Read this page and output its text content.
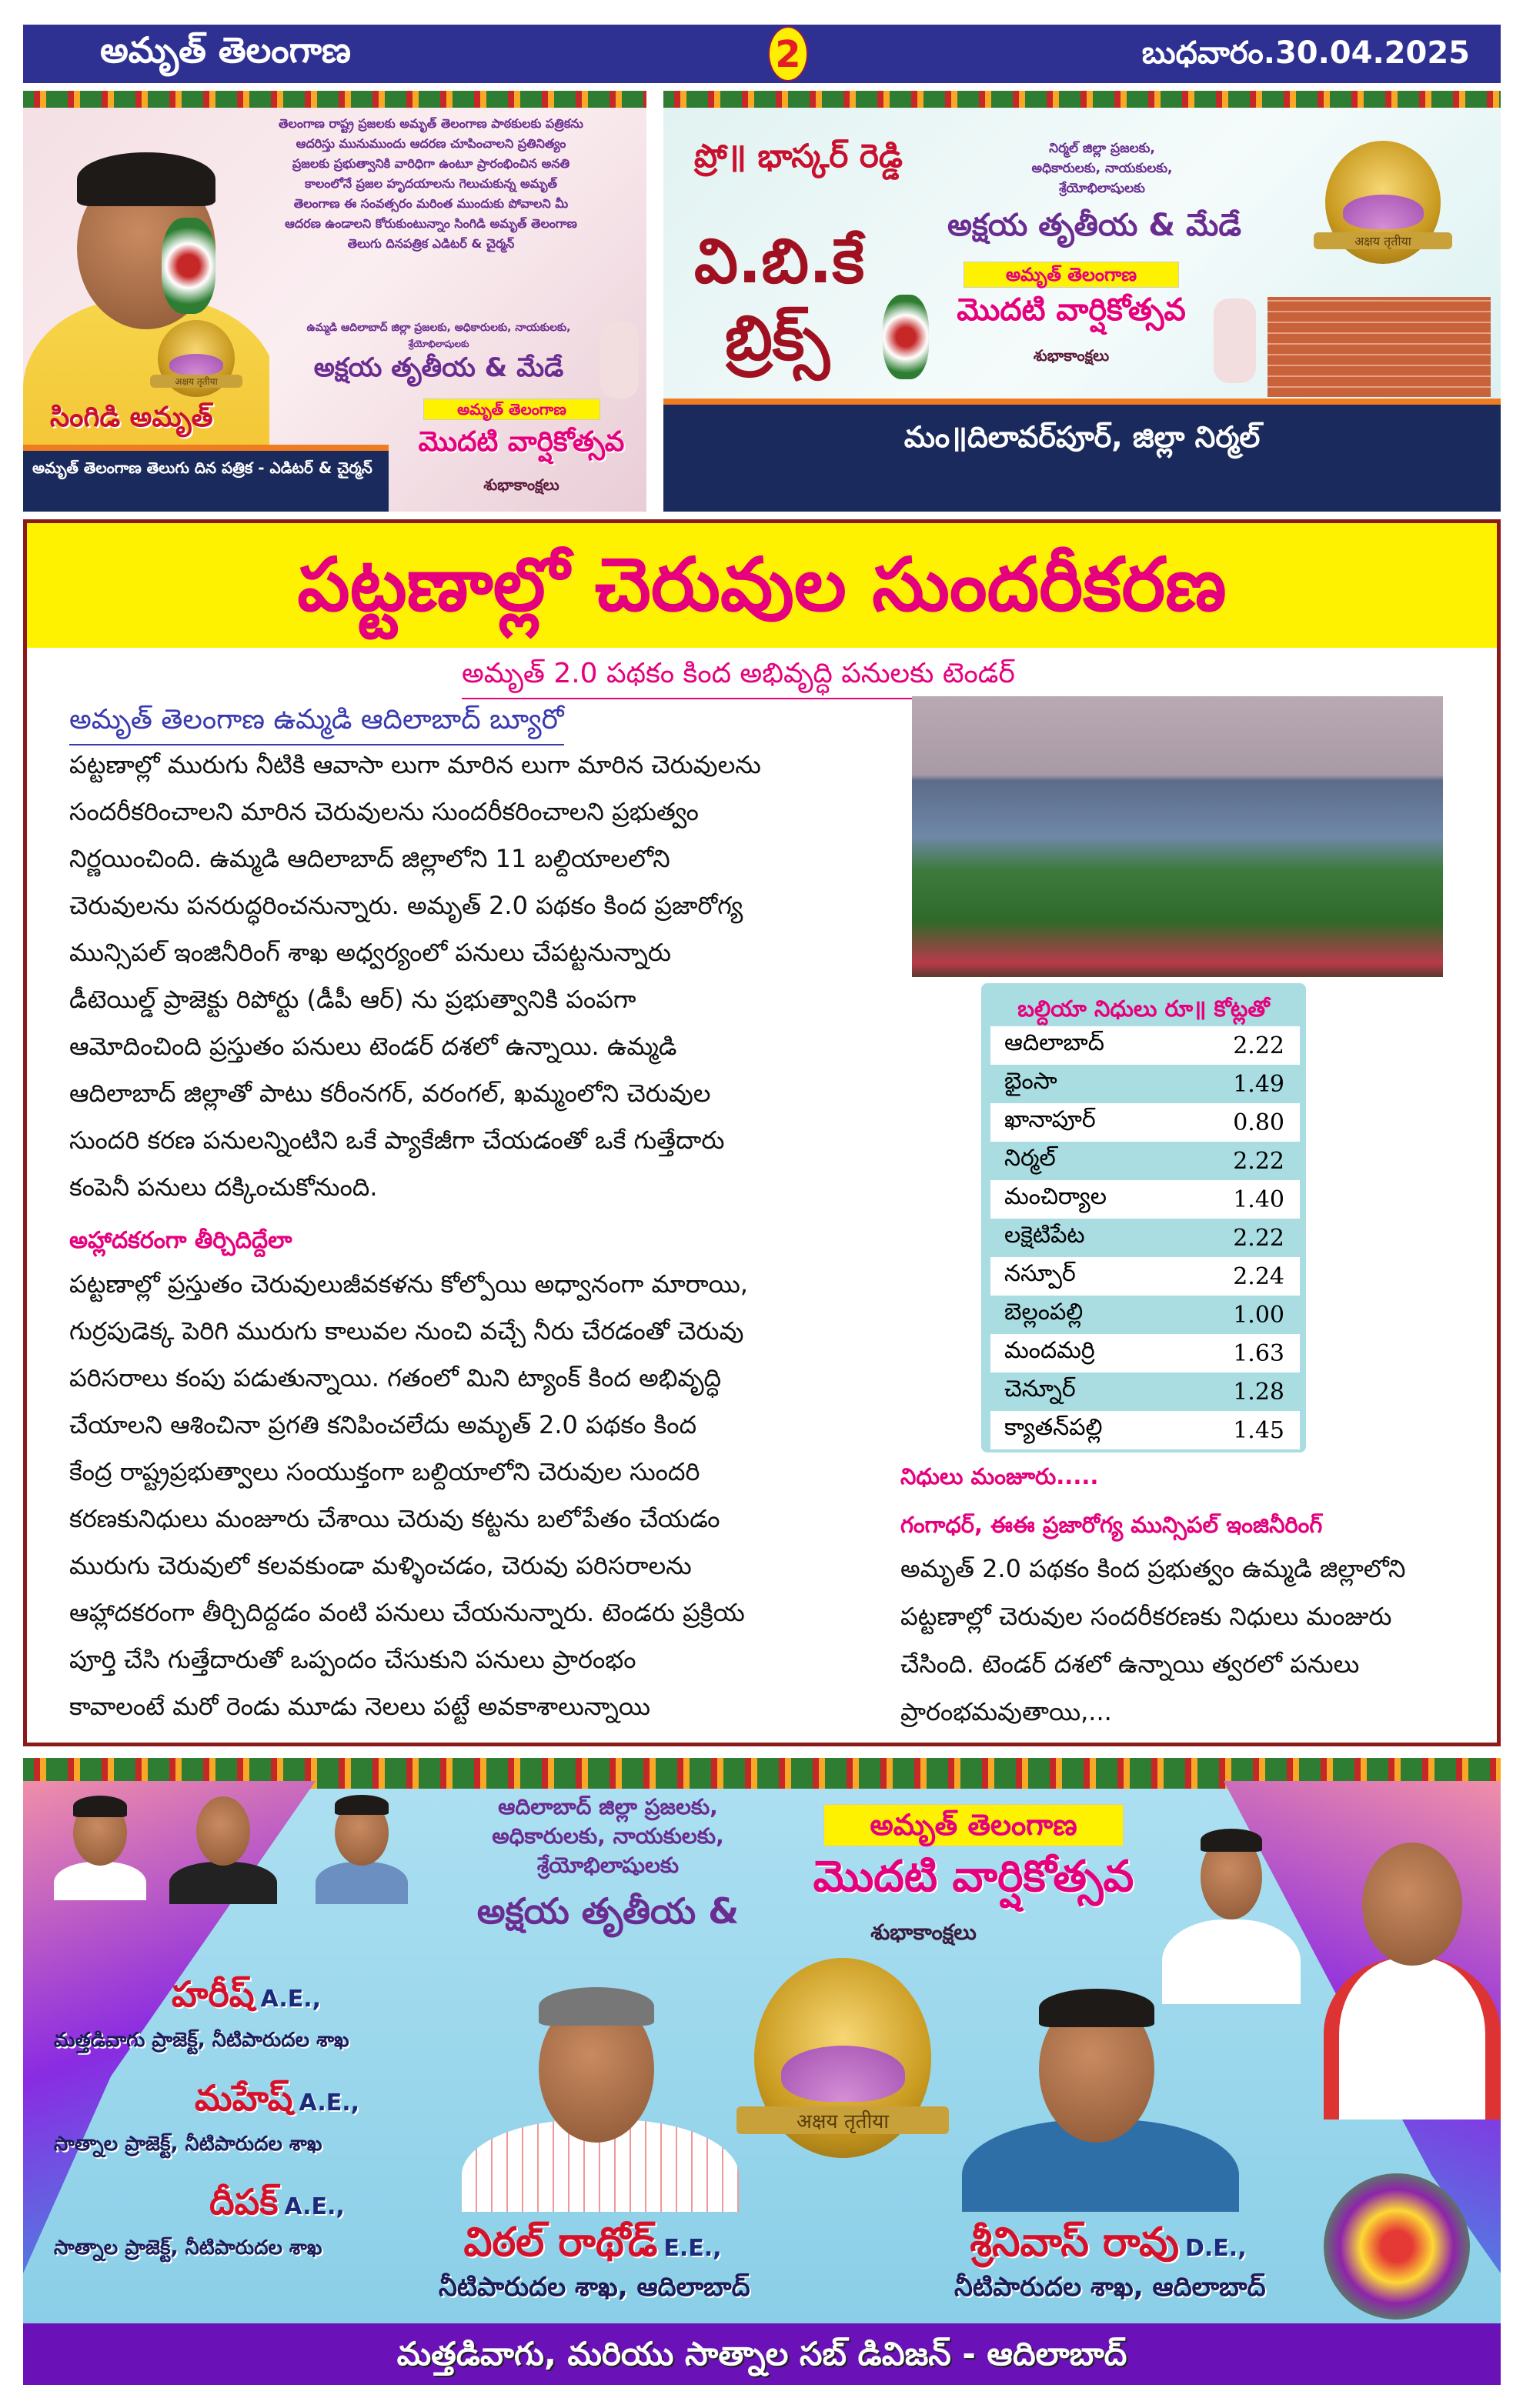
అమృత్ తెలంగాణ	2	బుధవారం.30.04.2025
తెలంగాణ రాష్ట్ర ప్రజలకు అమృత్ తెలంగాణ పాఠకులకు పత్రికను
ఆదరిస్తు మునుముందు ఆదరణ చూపించాలని ప్రతినిత్యం
ప్రజలకు ప్రభుత్వానికి వారిధిగా ఉంటూ ప్రారంభించిన అనతి
కాలంలోనే ప్రజల హృదయాలను గెలుచుకున్న అమృత్
తెలంగాణ ఈ సంవత్సరం మరింత ముందుకు పోవాలని మీ
ఆదరణ ఉండాలని కోరుకుంటున్నాం సింగిడి అమృత్ తెలంగాణ
తెలుగు దినపత్రిక ఎడిటర్ & చైర్మన్
ఉమ్మడి ఆదిలాబాద్ జిల్లా ప్రజలకు, అధికారులకు, నాయకులకు,
శ్రేయోభిలాషులకు
అక్షయ తృతీయ & మేడే
अक्षय तृतीया
సింగిడి అమృత్	అమృత్ తెలంగాణ
మొదటి వార్షికోత్సవ
శుభాకాంక్షలు
అమృత్ తెలంగాణ తెలుగు దిన పత్రిక - ఎడిటర్ & చైర్మన్
ప్రో॥ భాస్కర్ రెడ్డి
వి.బి.కే
బ్రిక్స్
నిర్మల్ జిల్లా ప్రజలకు,
అధికారులకు, నాయకులకు,
శ్రేయోభిలాషులకు
అక్షయ తృతీయ & మేడే
అమృత్ తెలంగాణ
మొదటి వార్షికోత్సవ
శుభాకాంక్షలు
अक्षय तृतीया
మం॥దిలావర్‌పూర్, జిల్లా నిర్మల్
పట్టణాల్లో చెరువుల సుందరీకరణ
అమృత్ 2.0 పథకం కింద అభివృద్ధి పనులకు టెండర్
అమృత్ తెలంగాణ ఉమ్మడి ఆదిలాబాద్ బ్యూరో
పట్టణాల్లో మురుగు నీటికి ఆవాసా లుగా మారిన లుగా మారిన చెరువులను
సందరీకరించాలని మారిన చెరువులను సుందరీకరించాలని ప్రభుత్వం
నిర్ణయించింది. ఉమ్మడి ఆదిలాబాద్ జిల్లాలోని 11 బల్దియాలలోని
చెరువులను పనరుద్ధరించనున్నారు. అమృత్ 2.0 పథకం కింద ప్రజారోగ్య
మున్సిపల్ ఇంజినీరింగ్ శాఖ అధ్వర్యంలో పనులు చేపట్టనున్నారు
డీటెయిల్డ్ ప్రాజెక్టు రిపోర్టు (డీపీ ఆర్) ను ప్రభుత్వానికి పంపగా
ఆమోదించింది ప్రస్తుతం పనులు టెండర్ దశలో ఉన్నాయి. ఉమ్మడి
ఆదిలాబాద్ జిల్లాతో పాటు కరీంనగర్, వరంగల్, ఖమ్మంలోని చెరువుల
సుందరి కరణ పనులన్నింటిని ఒకే ప్యాకేజీగా చేయడంతో ఒకే గుత్తేదారు
కంపెనీ పనులు దక్కించుకోనుంది.
అహ్లాదకరంగా తీర్చిదిద్దేలా
పట్టణాల్లో ప్రస్తుతం చెరువులుజీవకళను కోల్పోయి అధ్వానంగా మారాయి,
గుర్రపుడెక్క పెరిగి మురుగు కాలువల నుంచి వచ్చే నీరు చేరడంతో చెరువు
పరిసరాలు కంపు పడుతున్నాయి. గతంలో మిని ట్యాంక్ కింద అభివృద్ధి
చేయాలని ఆశించినా ప్రగతి కనిపించలేదు అమృత్ 2.0 పథకం కింద
కేంద్ర రాష్ట్రప్రభుత్వాలు సంయుక్తంగా బల్దియాలోని చెరువుల సుందరి
కరణకునిధులు మంజూరు చేశాయి చెరువు కట్టను బలోపేతం చేయడం
మురుగు చెరువులో కలవకుండా మళ్ళించడం, చెరువు పరిసరాలను
ఆహ్లాదకరంగా తీర్చిదిద్దడం వంటి పనులు చేయనున్నారు. టెండరు ప్రక్రియ
పూర్తి చేసి గుత్తేదారుతో ఒప్పందం చేసుకుని పనులు ప్రారంభం
కావాలంటే మరో రెండు మూడు నెలలు పట్టే అవకాశాలున్నాయి
బల్దియా నిధులు రూ॥ కోట్లతో
ఆదిలాబాద్	2.22
భైంసా	1.49
ఖానాపూర్	0.80
నిర్మల్	2.22
మంచిర్యాల	1.40
లక్షెటిపేట	2.22
నస్పూర్	2.24
బెల్లంపల్లి	1.00
మందమర్రి	1.63
చెన్నూర్	1.28
క్యాతన్‌పల్లి	1.45
నిధులు మంజూరు.....
గంగాధర్, ఈఈ ప్రజారోగ్య మున్సిపల్ ఇంజినీరింగ్
అమృత్ 2.0 పథకం కింద ప్రభుత్వం ఉమ్మడి జిల్లాలోని
పట్టణాల్లో చెరువుల సందరీకరణకు నిధులు మంజురు
చేసింది. టెండర్ దశలో ఉన్నాయి త్వరలో పనులు
ప్రారంభమవుతాయి,...
ఆదిలాబాద్ జిల్లా ప్రజలకు,
అధికారులకు, నాయకులకు,
శ్రేయోభిలాషులకు
అక్షయ తృతీయ &
అమృత్ తెలంగాణ
మొదటి వార్షికోత్సవ
శుభాకాంక్షలు
अक्षय तृतीया
హరీష్ A.E.,
మత్తడివాగు ప్రాజెక్ట్, నీటిపారుదల శాఖ
మహేష్ A.E.,
సాత్నాల ప్రాజెక్ట్, నీటిపారుదల శాఖ
దీపక్ A.E.,
సాత్నాల ప్రాజెక్ట్, నీటిపారుదల శాఖ	విఠల్ రాథోడ్ E.E.,
నీటిపారుదల శాఖ, ఆదిలాబాద్
శ్రీనివాస్ రావు D.E.,
నీటిపారుదల శాఖ, ఆదిలాబాద్
మత్తడివాగు, మరియు సాత్నాల సబ్ డివిజన్ - ఆదిలాబాద్
